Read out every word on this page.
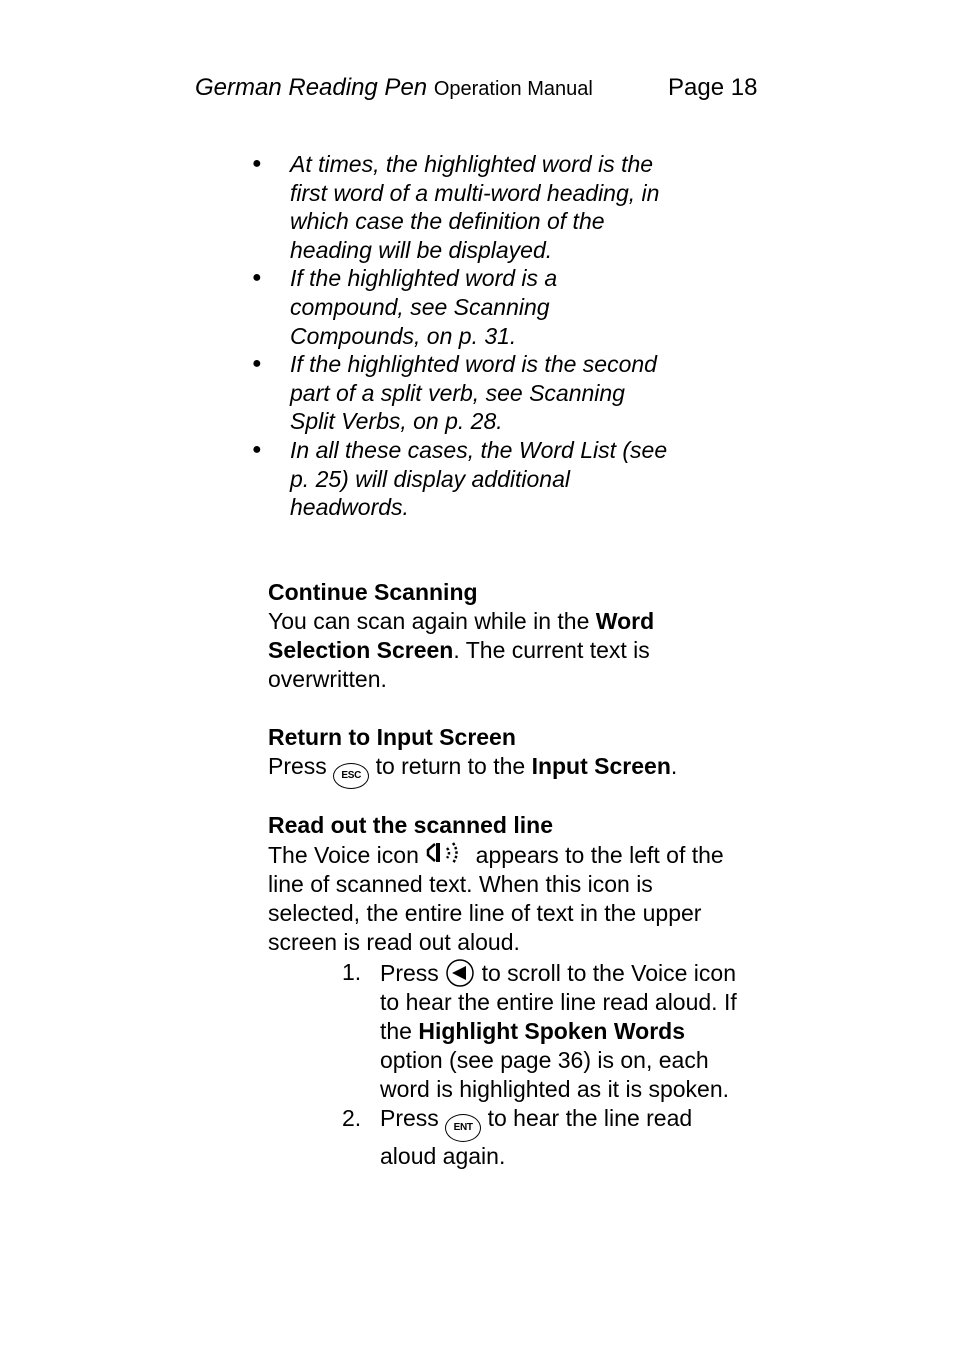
German Reading Pen Operation Manual	Page 18
● At times, the highlighted word is the first word of a multi-word heading, in which case the definition of the heading will be displayed.
● If the highlighted word is a compound, see Scanning Compounds, on p. 31.
● If the highlighted word is the second part of a split verb, see Scanning Split Verbs, on p. 28.
● In all these cases, the Word List (see p. 25) will display additional headwords.
Continue Scanning

You can scan again while in the Word Selection Screen. The current text is overwritten.

Return to Input Screen

Press ESC to return to the Input Screen.

Read out the scanned line

The Voice icon  appears to the left of the line of scanned text. When this icon is selected, the entire line of text in the upper screen is read out aloud.

1. Press  to scroll to the Voice icon to hear the entire line read aloud. If the Highlight Spoken Words option (see page 36) is on, each word is highlighted as it is spoken.
2. Press ENT to hear the line read aloud again.
